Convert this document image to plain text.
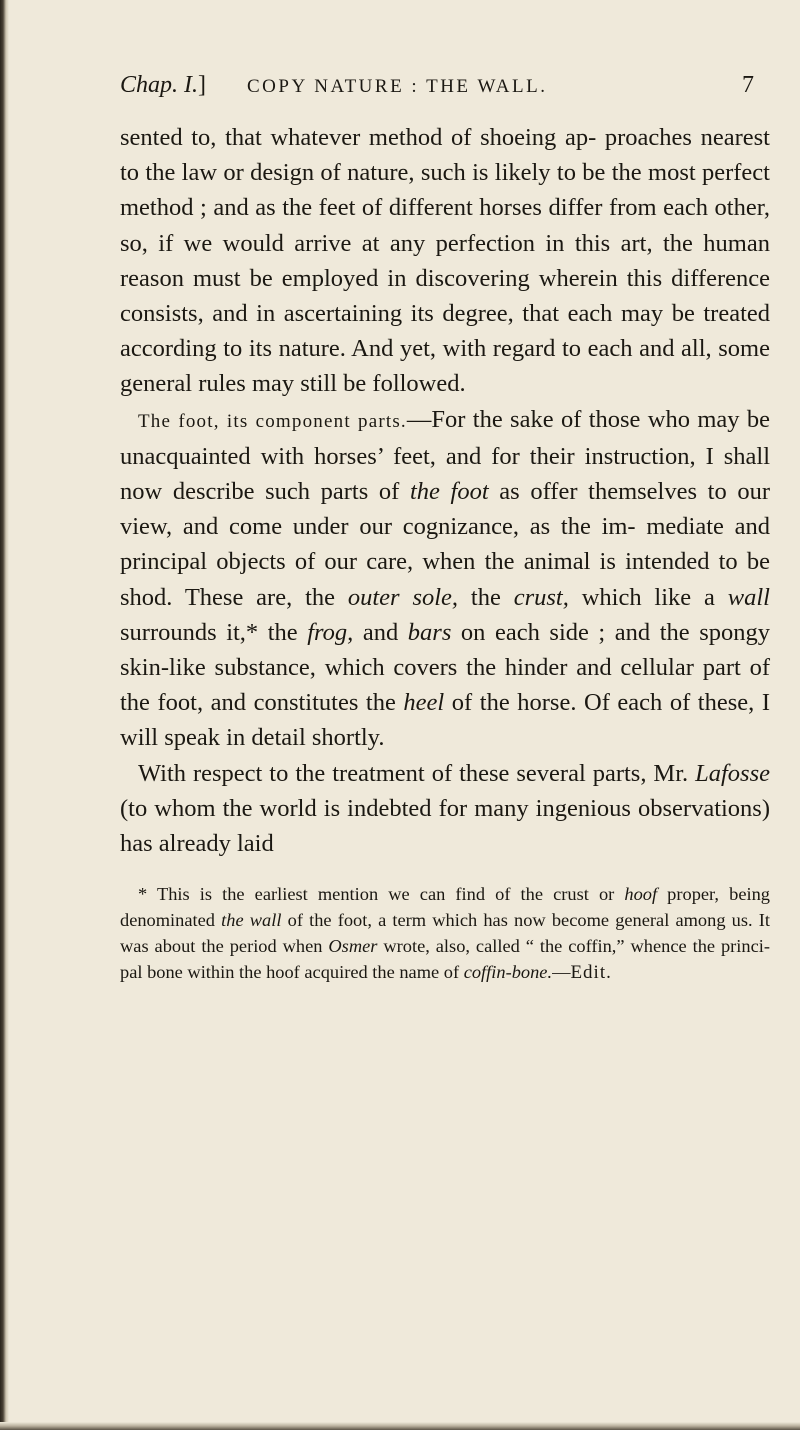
Chap. I.] COPY NATURE : THE WALL.	7

sented to, that whatever method of shoeing ap‑ proaches nearest to the law or design of nature, such is likely to be the most perfect method ; and as the feet of different horses differ from each other, so, if we would arrive at any perfection in this art, the human reason must be employed in discovering wherein this difference consists, and in ascertaining its degree, that each may be treated according to its nature. And yet, with regard to each and all, some general rules may still be followed.

The foot, its component parts.—For the sake of those who may be unacquainted with horses’ feet, and for their instruction, I shall now describe such parts of the foot as offer themselves to our view, and come under our cognizance, as the im‑ mediate and principal objects of our care, when the animal is intended to be shod. These are, the outer sole, the crust, which like a wall surrounds it,* the frog, and bars on each side ; and the spongy skin-like substance, which covers the hinder and cellular part of the foot, and constitutes the heel of the horse. Of each of these, I will speak in detail shortly.

With respect to the treatment of these several parts, Mr. Lafosse (to whom the world is indebted for many ingenious observations) has already laid

* This is the earliest mention we can find of the crust or hoof proper, being denominated the wall of the foot, a term which has now become general among us. It was about the period when Osmer wrote, also, called “ the coffin,” whence the princi‑ pal bone within the hoof acquired the name of coffin-bone.—Edit.
